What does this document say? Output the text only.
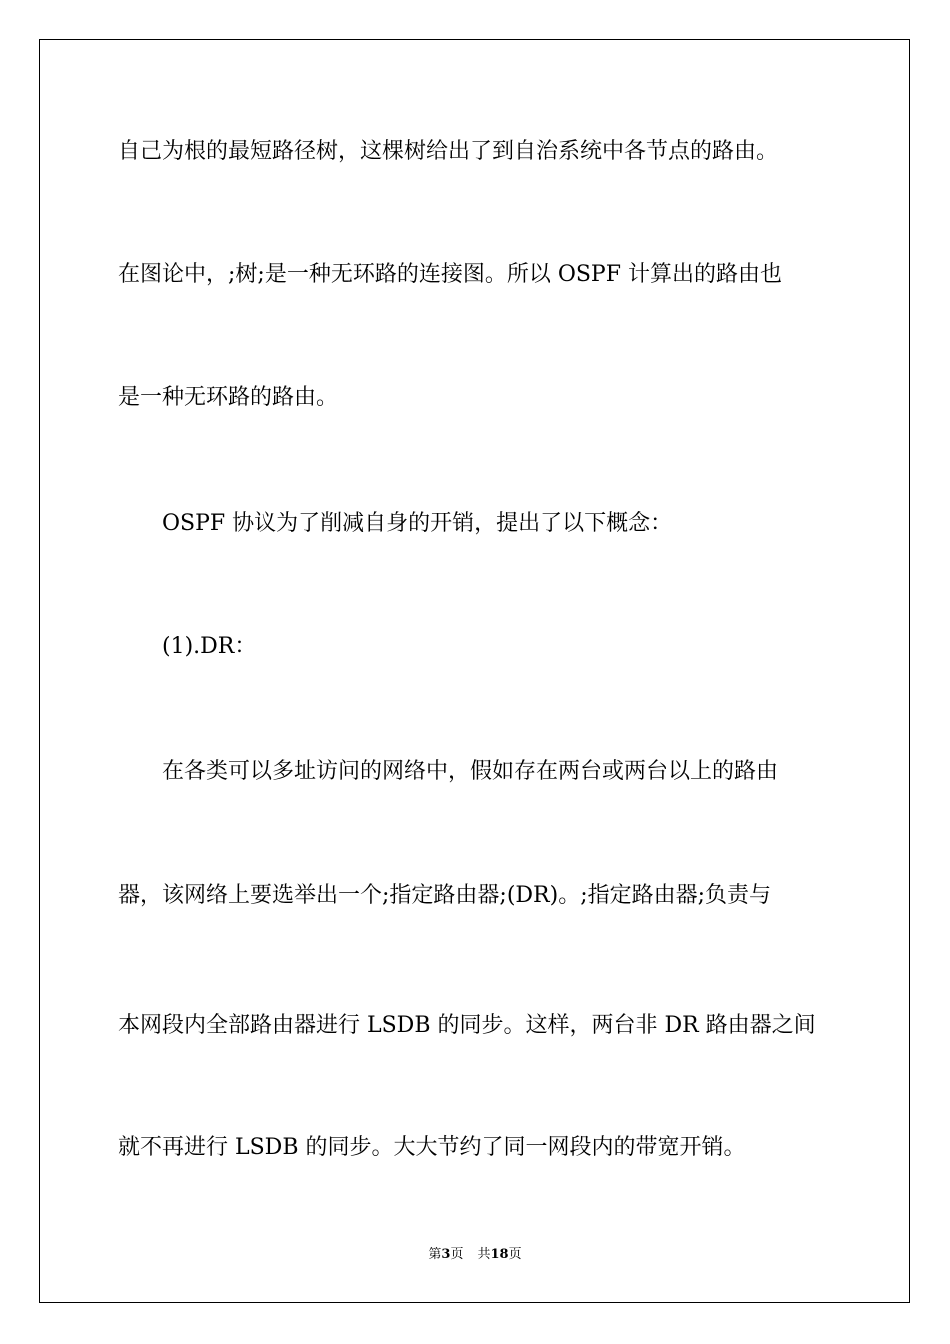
自己为根的最短路径树，这棵树给出了到自治系统中各节点的路由。
在图论中，;树;是一种无环路的连接图。所以 OSPF 计算出的路由也
是一种无环路的路由。
OSPF 协议为了削减自身的开销，提出了以下概念：
(1).DR：
在各类可以多址访问的网络中，假如存在两台或两台以上的路由
器，该网络上要选举出一个;指定路由器;(DR)。;指定路由器;负责与
本网段内全部路由器进行 LSDB 的同步。这样，两台非 DR 路由器之间
就不再进行 LSDB 的同步。大大节约了同一网段内的带宽开销。
第3页 共18页
